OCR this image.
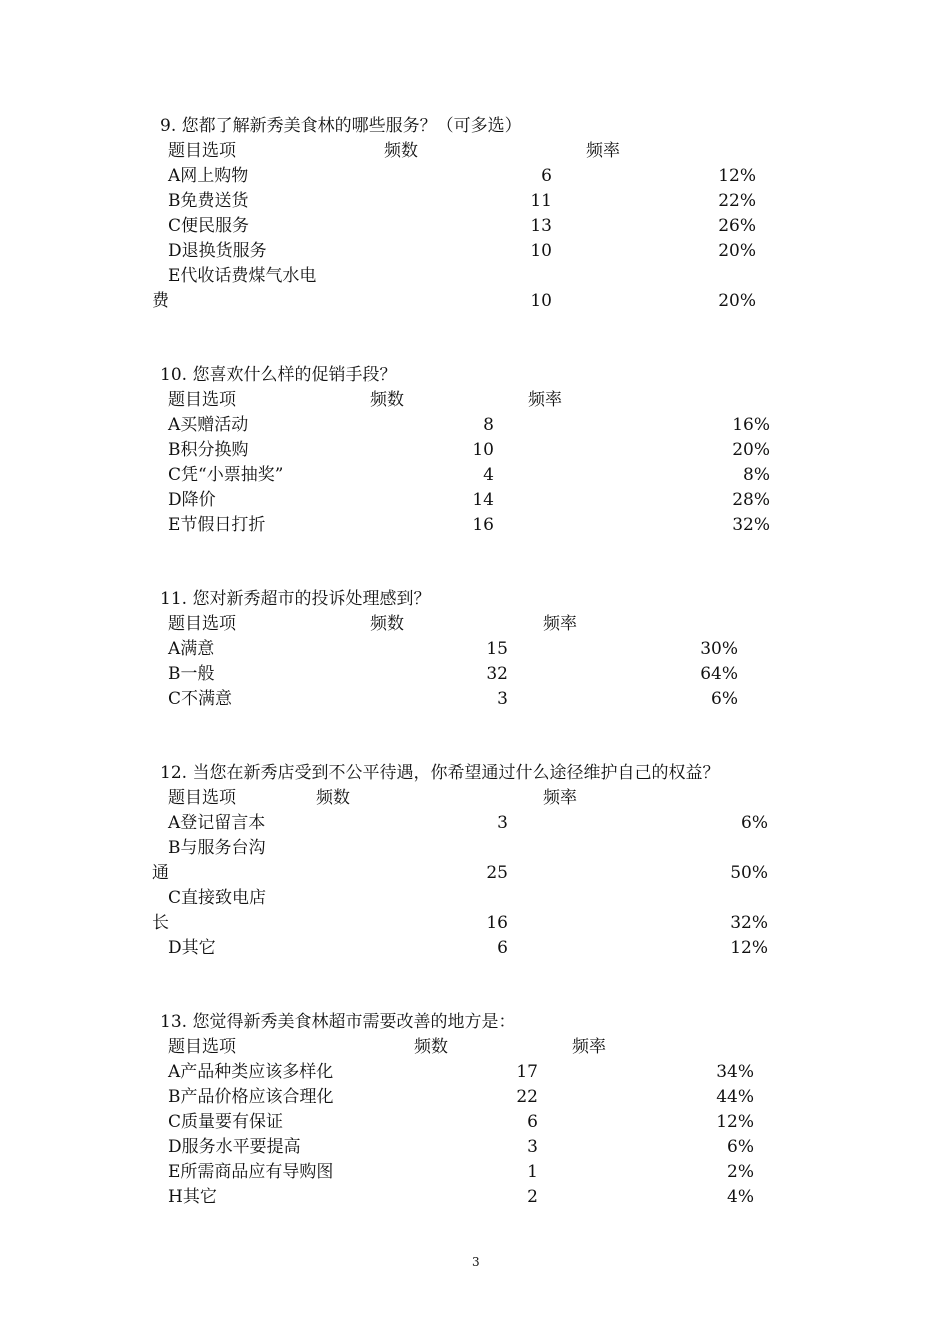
9. 您都了解新秀美食林的哪些服务？（可多选）
题目选项	频数	频率
A网上购物	6	12%
B免费送货	11	22%
C便民服务	13	26%
D退换货服务	10	20%
E代收话费煤气水电
费	10	20%
10. 您喜欢什么样的促销手段？
题目选项	频数	频率
A买赠活动	8	16%
B积分换购	10	20%
C凭“小票抽奖”	4	8%
D降价	14	28%
E节假日打折	16	32%
11. 您对新秀超市的投诉处理感到？
题目选项	频数	频率
A满意	15	30%
B一般	32	64%
C不满意	3	6%
12. 当您在新秀店受到不公平待遇，你希望通过什么途径维护自己的权益？
题目选项	频数	频率
A登记留言本	3	6%
B与服务台沟
通	25	50%
C直接致电店
长	16	32%
D其它	6	12%
13. 您觉得新秀美食林超市需要改善的地方是：
题目选项	频数	频率
A产品种类应该多样化	17	34%
B产品价格应该合理化	22	44%
C质量要有保证	6	12%
D服务水平要提高	3	6%
E所需商品应有导购图	1	2%
H其它	2	4%
3
